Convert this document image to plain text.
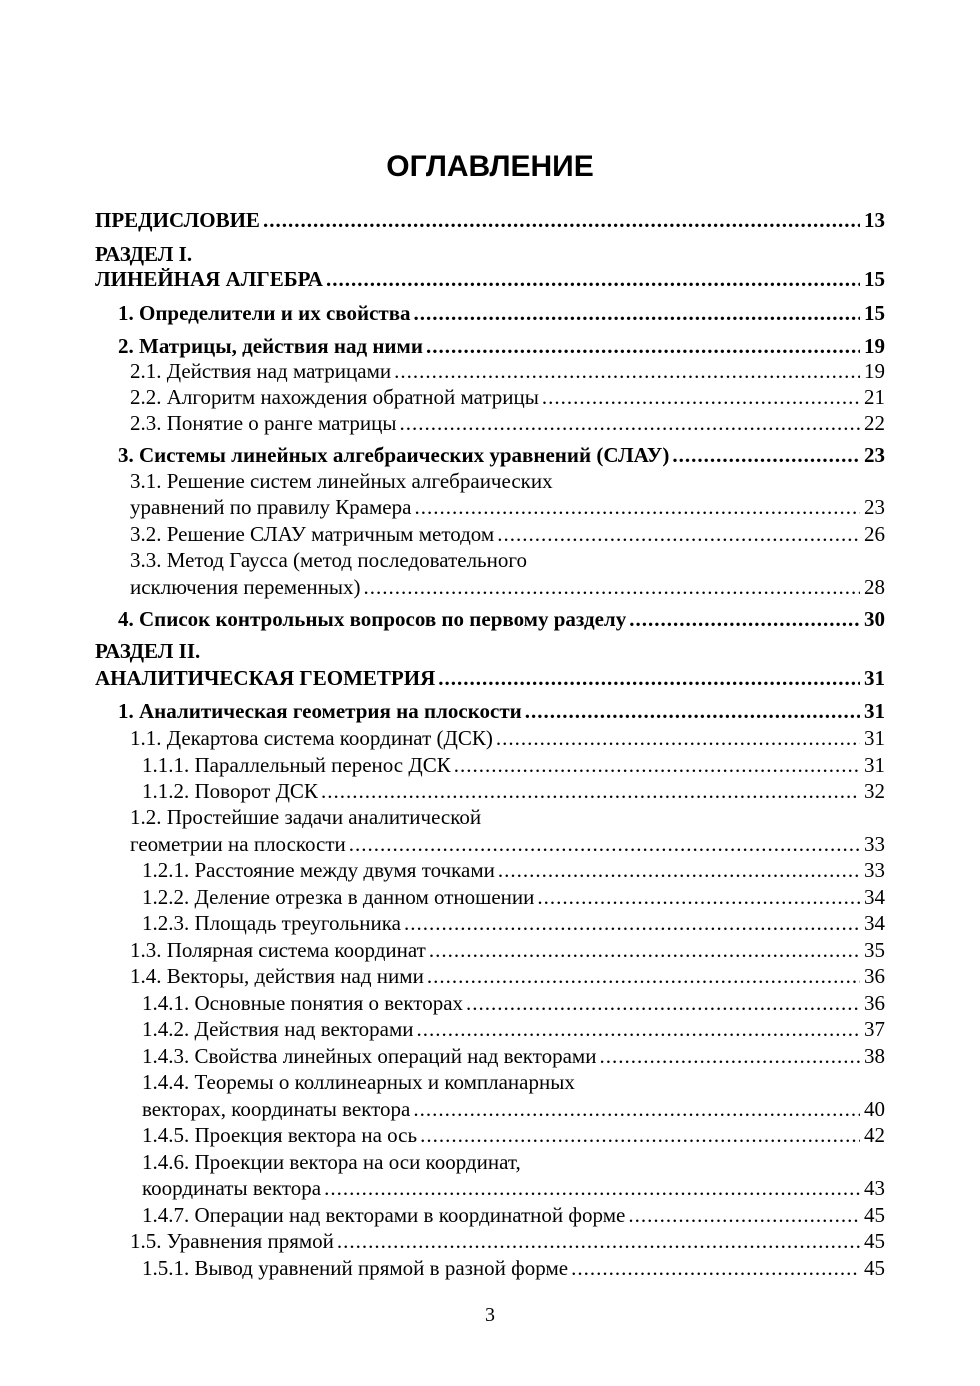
ОГЛАВЛЕНИЕ
ПРЕДИСЛОВИЕ .....	13
РАЗДЕЛ I.
ЛИНЕЙНАЯ АЛГЕБРА .....	15
1. Определители и их свойства .....	15
2. Матрицы, действия над ними .....	19
2.1. Действия над матрицами .....	19
2.2. Алгоритм нахождения обратной матрицы .....	21
2.3. Понятие о ранге матрицы .....	22
3. Системы линейных алгебраических уравнений (СЛАУ) .....	23
3.1. Решение систем линейных алгебраических
уравнений по правилу Крамера .....	23
3.2. Решение СЛАУ матричным методом .....	26
3.3. Метод Гаусса (метод последовательного
исключения переменных) .....	28
4. Список контрольных вопросов по первому разделу .....	30
РАЗДЕЛ II.
АНАЛИТИЧЕСКАЯ ГЕОМЕТРИЯ .....	31
1. Аналитическая геометрия на плоскости .....	31
1.1. Декартова система координат (ДСК) .....	31
1.1.1. Параллельный перенос ДСК .....	31
1.1.2. Поворот ДСК .....	32
1.2. Простейшие задачи аналитической
геометрии на плоскости .....	33
1.2.1. Расстояние между двумя точками .....	33
1.2.2. Деление отрезка в данном отношении .....	34
1.2.3. Площадь треугольника .....	34
1.3. Полярная система координат .....	35
1.4. Векторы, действия над ними .....	36
1.4.1. Основные понятия о векторах .....	36
1.4.2. Действия над векторами .....	37
1.4.3. Свойства линейных операций над векторами .....	38
1.4.4. Теоремы о коллинеарных и компланарных
векторах, координаты вектора .....	40
1.4.5. Проекция вектора на ось .....	42
1.4.6. Проекции вектора на оси координат,
координаты вектора .....	43
1.4.7. Операции над векторами в координатной форме .....	45
1.5. Уравнения прямой .....	45
1.5.1. Вывод уравнений прямой в разной форме .....	45
3
